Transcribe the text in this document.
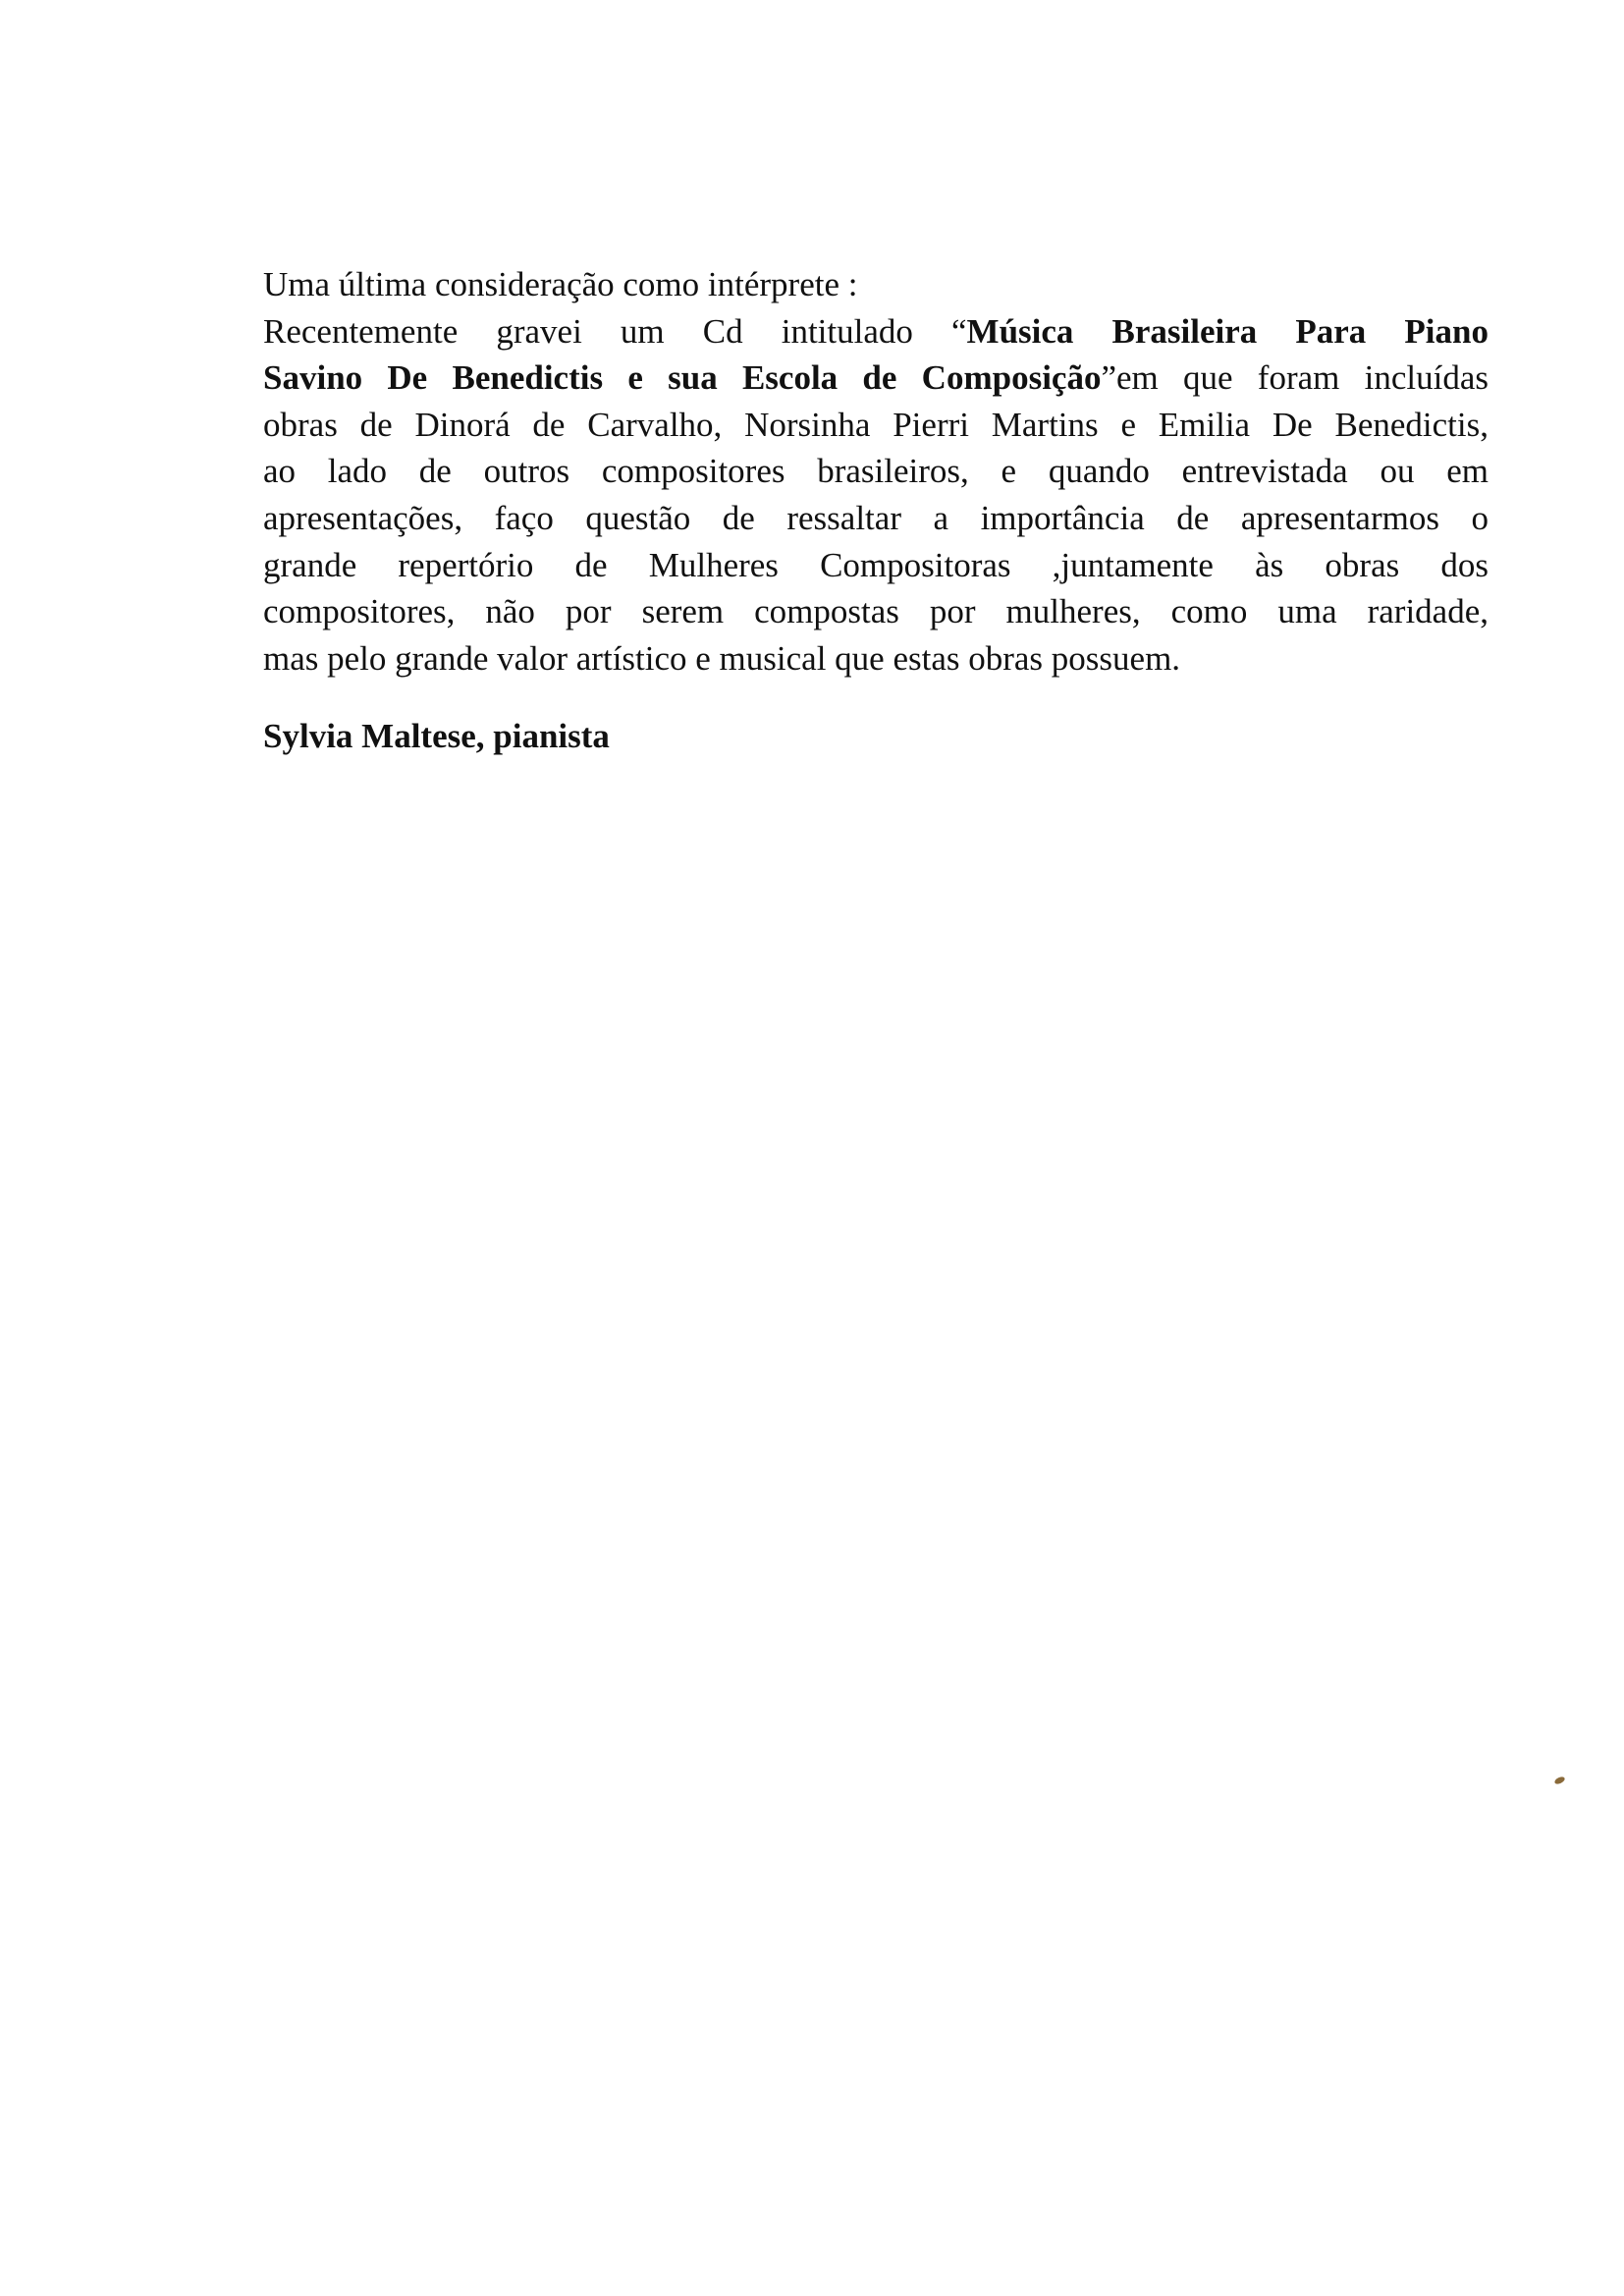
Uma última consideração como intérprete :

Recentemente gravei um Cd intitulado “Música Brasileira Para Piano

Savino De Benedictis e sua Escola de Composição”em que foram incluídas

obras de Dinorá de Carvalho, Norsinha Pierri Martins e Emilia De Benedictis,

ao lado de outros compositores brasileiros, e quando entrevistada ou em

apresentações, faço questão de ressaltar a importância de apresentarmos o

grande repertório de Mulheres Compositoras ,juntamente às obras dos

compositores, não por serem compostas por mulheres, como uma raridade,

mas pelo grande valor artístico e musical que estas obras possuem.

Sylvia Maltese, pianista
